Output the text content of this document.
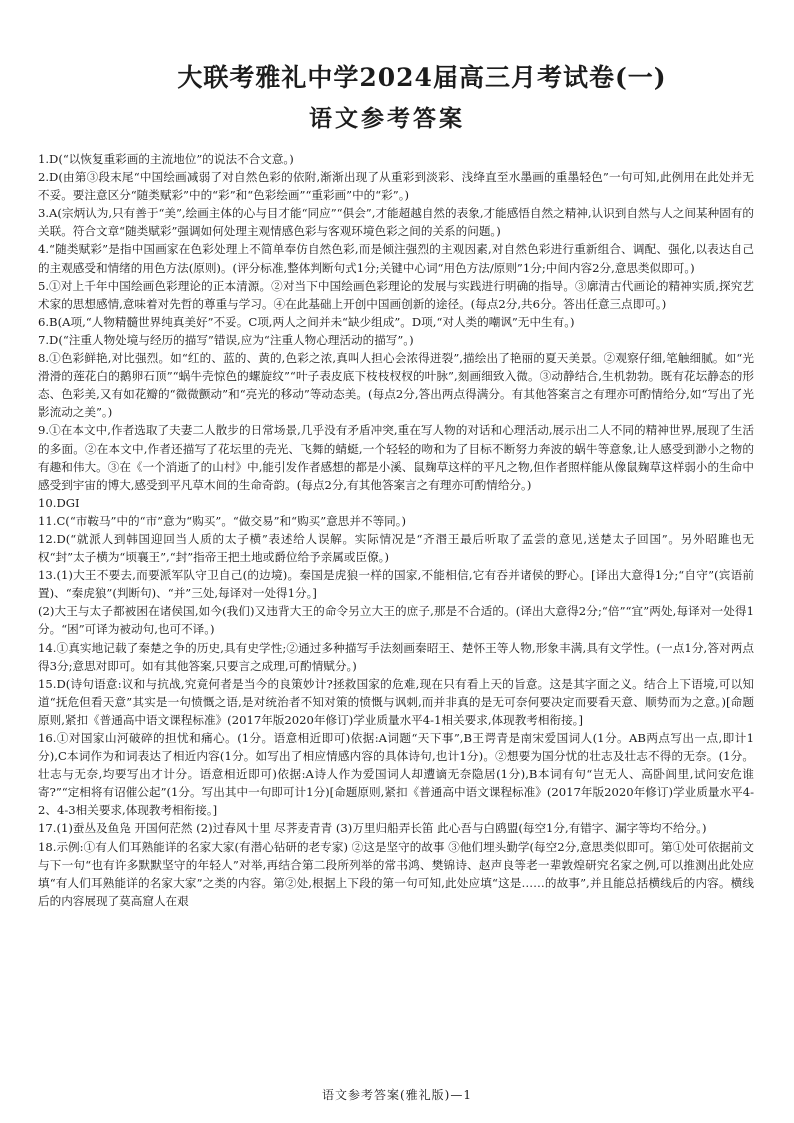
大联考雅礼中学2024届高三月考试卷(一)
语文参考答案

1.D(“以恢复重彩画的主流地位”的说法不合文意。)

2.D(由第③段末尾“中国绘画减弱了对自然色彩的依附,渐渐出现了从重彩到淡彩、浅绛直至水墨画的重墨轻色”一句可知,此例用在此处并无不妥。要注意区分“随类赋彩”中的“彩”和“色彩绘画”“重彩画”中的“彩”。)

3.A(宗炳认为,只有善于“美”,绘画主体的心与目才能“同应”“俱会”,才能超越自然的表象,才能感悟自然之精神,认识到自然与人之间某种固有的关联。符合文章“随类赋彩”强调如何处理主观情感色彩与客观环境色彩之间的关系的问题。)

4.“随类赋彩”是指中国画家在色彩处理上不简单奉仿自然色彩,而是倾注强烈的主观因素,对自然色彩进行重新组合、调配、强化,以表达自己的主观感受和情绪的用色方法(原则)。(评分标准,整体判断句式1分;关键中心词“用色方法/原则”1分;中间内容2分,意思类似即可。)

5.①对上千年中国绘画色彩理论的正本清源。②对当下中国绘画色彩理论的发展与实践进行明确的指导。③廓清古代画论的精神实质,探究艺术家的思想感情,意味着对先哲的尊重与学习。④在此基础上开创中国画创新的途径。(每点2分,共6分。答出任意三点即可。)

6.B(A项,“人物精髓世界纯真美好”不妥。C项,两人之间并未“缺少组成”。D项,“对人类的嘲讽”无中生有。)

7.D(“注重人物处境与经历的描写”错误,应为“注重人物心理活动的描写”。)

8.①色彩鲜艳,对比强烈。如“红的、蓝的、黄的,色彩之浓,真叫人担心会浓得迸裂”,描绘出了艳丽的夏天美景。②观察仔细,笔触细腻。如“光滑滑的莲花白的鹅卵石顶”“蜗牛壳惊色的螺旋纹”“叶子表皮底下枝枝杈杈的叶脉”,刻画细致入微。③动静结合,生机勃勃。既有花坛静态的形态、色彩美,又有如花瓣的“微微颤动”和“亮光的移动”等动态美。(每点2分,答出两点得满分。有其他答案言之有理亦可酌情给分,如“写出了光影流动之美”。)

9.①在本文中,作者选取了夫妻二人散步的日常场景,几乎没有矛盾冲突,重在写人物的对话和心理活动,展示出二人不同的精神世界,展现了生活的多面。②在本文中,作者还描写了花坛里的壳光、飞舞的蜻蜓,一个轻轻的吻和为了目标不断努力奔波的蜗牛等意象,让人感受到渺小之物的有趣和伟大。③在《一个消逝了的山村》中,能引发作者感想的都是小溪、鼠麹草这样的平凡之物,但作者照样能从像鼠麹草这样弱小的生命中感受到宇宙的博大,感受到平凡草木间的生命奇韵。(每点2分,有其他答案言之有理亦可酌情给分。)

10.DGI

11.C(“市鞍马”中的“市”意为“购买”。“做交易”和“购买”意思并不等同。)

12.D(“就派人到韩国迎回当人质的太子横”表述给人误解。实际情况是“齐湣王最后听取了孟尝的意见,送楚太子回国”。另外昭雎也无权“封”太子横为“顷襄王”,“封”指帝王把土地或爵位给予亲属或臣僚。)

13.(1)大王不要去,而要派军队守卫自己(的边境)。秦国是虎狼一样的国家,不能相信,它有吞并诸侯的野心。[译出大意得1分;“自守”(宾语前置)、“秦虎狼”(判断句)、“并”三处,每译对一处得1分。]

(2)大王与太子都被困在诸侯国,如今(我们)又违背大王的命令另立大王的庶子,那是不合适的。(译出大意得2分;“倍”“宜”两处,每译对一处得1分。“困”可译为被动句,也可不译。)

14.①真实地记载了秦楚之争的历史,具有史学性;②通过多种描写手法刻画秦昭王、楚怀王等人物,形象丰满,具有文学性。(一点1分,答对两点得3分;意思对即可。如有其他答案,只要言之成理,可酌情赋分。)

15.D(诗句语意:议和与抗战,究竟何者是当今的良策妙计?拯救国家的危难,现在只有看上天的旨意。这是其字面之义。结合上下语境,可以知道“抚危但看天意”其实是一句愤慨之语,是对统治者不知对策的愤慨与讽刺,而并非真的是无可奈何要决定而要看天意、顺势而为之意。)[命题原则,紧扣《普通高中语文课程标准》(2017年版2020年修订)学业质量水平4-1相关要求,体现教考相衔接。]

16.①对国家山河破碎的担忧和痛心。(1分。语意相近即可)依据:A词题“天下事”,B王谔青是南宋爱国词人(1分。AB两点写出一点,即计1分),C本词作为和词表达了相近内容(1分。如写出了相应情感内容的具体诗句,也计1分)。②想要为国分忧的壮志及壮志不得的无奈。(1分。壮志与无奈,均要写出才计分。语意相近即可)依据:A诗人作为爱国词人却遭谪无奈隐居(1分),B本词有句“岂无人、高卧闾里,试问安危谁寄?”“定相将有诏催公起”(1分。写出其中一句即可计1分)[命题原则,紧扣《普通高中语文课程标准》(2017年版2020年修订)学业质量水平4-2、4-3相关要求,体现教考相衔接。]

17.(1)蚕丛及鱼凫 开国何茫然 (2)过春风十里 尽荠麦青青 (3)万里归船弄长笛 此心吾与白鸥盟(每空1分,有错字、漏字等均不给分。)

18.示例:①有人们耳熟能详的名家大家(有潜心钻研的老专家) ②这是坚守的故事 ③他们埋头勤学(每空2分,意思类似即可。第①处可依据前文与下一句“也有许多默默坚守的年轻人”对举,再结合第二段所列举的常书鸿、樊锦诗、赵声良等老一辈敦煌研究名家之例,可以推测出此处应填“有人们耳熟能详的名家大家”之类的内容。第②处,根据上下段的第一句可知,此处应填“这是……的故事”,并且能总括横线后的内容。横线后的内容展现了莫高窟人在艰

语文参考答案(雅礼版)—1
